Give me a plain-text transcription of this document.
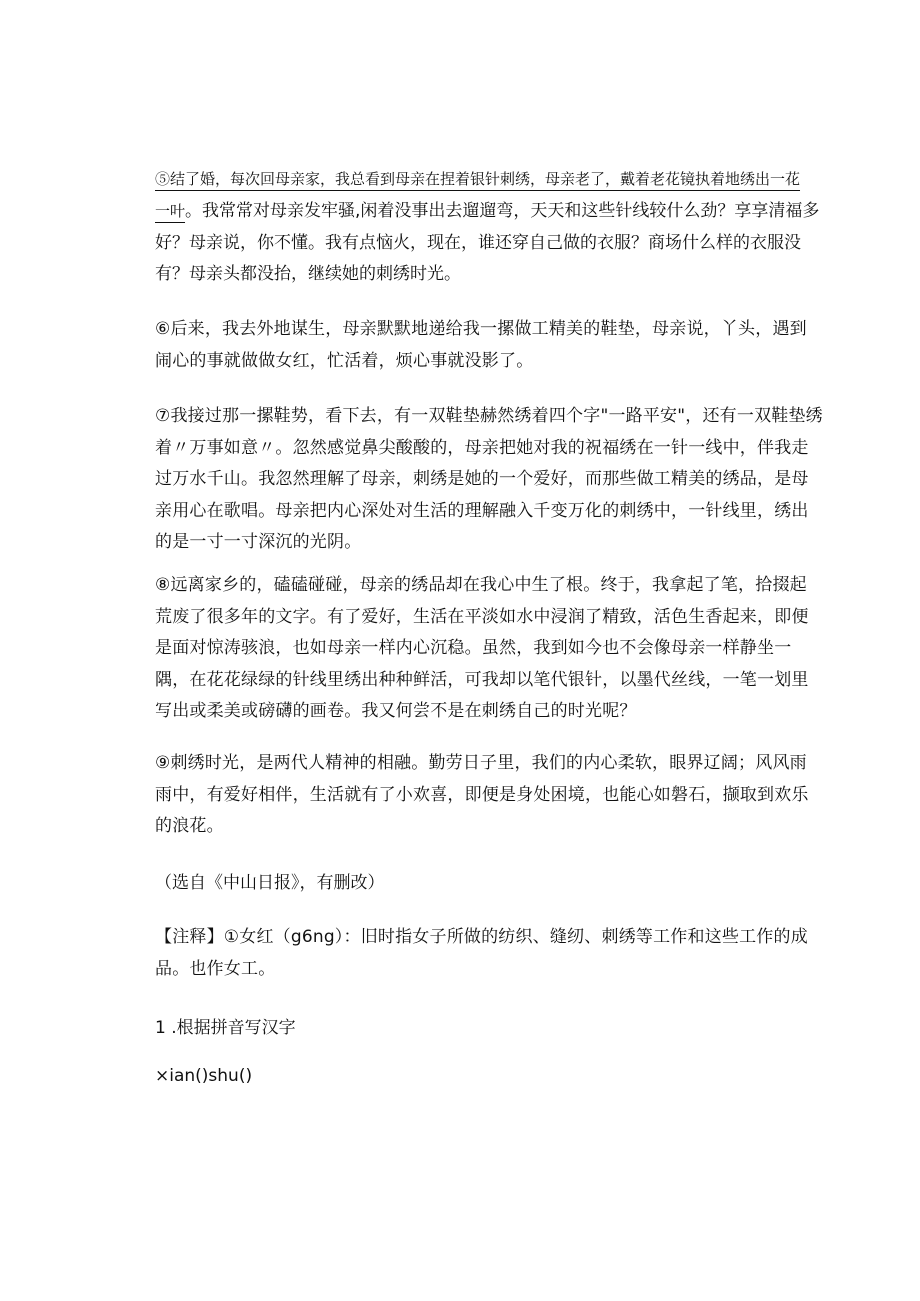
⑤结了婚，每次回母亲家，我总看到母亲在捏着银针刺绣，母亲老了，戴着老花镜执着地绣出一花

一叶。我常常对母亲发牢骚,闲着没事出去遛遛弯，天天和这些针线较什么劲？享享清福多好？母亲说，你不懂。我有点恼火，现在，谁还穿自己做的衣服？商场什么样的衣服没有？母亲头都没抬，继续她的刺绣时光。

⑥后来，我去外地谋生，母亲默默地递给我一摞做工精美的鞋垫，母亲说，丫头，遇到闹心的事就做做女红，忙活着，烦心事就没影了。

⑦我接过那一摞鞋势，看下去，有一双鞋垫赫然绣着四个字"一路平安"，还有一双鞋垫绣着〃万事如意〃。忽然感觉鼻尖酸酸的，母亲把她对我的祝福绣在一针一线中，伴我走过万水千山。我忽然理解了母亲，刺绣是她的一个爱好，而那些做工精美的绣品，是母亲用心在歌唱。母亲把内心深处对生活的理解融入千变万化的刺绣中，一针线里，绣出的是一寸一寸深沉的光阴。

⑧远离家乡的，磕磕碰碰，母亲的绣品却在我心中生了根。终于，我拿起了笔，拾掇起荒废了很多年的文字。有了爱好，生活在平淡如水中浸润了精致，活色生香起来，即便是面对惊涛骇浪，也如母亲一样内心沉稳。虽然，我到如今也不会像母亲一样静坐一隅，在花花绿绿的针线里绣出种种鲜活，可我却以笔代银针，以墨代丝线，一笔一划里写出或柔美或磅礴的画卷。我又何尝不是在刺绣自己的时光呢？

⑨刺绣时光，是两代人精神的相融。勤劳日子里，我们的内心柔软，眼界辽阔；风风雨雨中，有爱好相伴，生活就有了小欢喜，即便是身处困境，也能心如磐石，撷取到欢乐的浪花。

（选自《中山日报》，有删改）

【注释】①女红（g6ng）：旧时指女子所做的纺织、缝纫、刺绣等工作和这些工作的成品。也作女工。

1 .根据拼音写汉字
×ian()shu()
